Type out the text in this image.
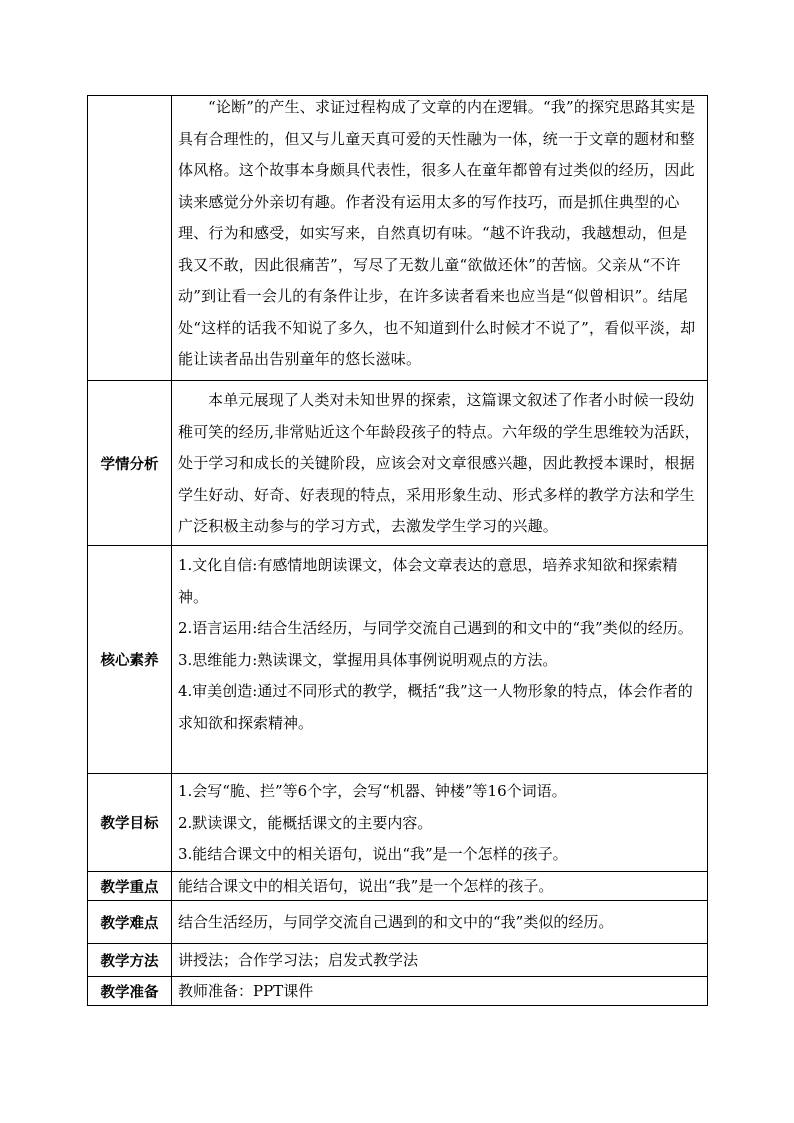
	“论断”的产生、求证过程构成了文章的内在逻辑。“我”的探究思路其实是具有合理性的，但又与儿童天真可爱的天性融为一体，统一于文章的题材和整体风格。这个故事本身颇具代表性，很多人在童年都曾有过类似的经历，因此读来感觉分外亲切有趣。作者没有运用太多的写作技巧，而是抓住典型的心理、行为和感受，如实写来，自然真切有味。“越不许我动，我越想动，但是我又不敢，因此很痛苦”，写尽了无数儿童“欲做还休”的苦恼。父亲从“不许动”到让看一会儿的有条件让步，在许多读者看来也应当是“似曾相识”。结尾处“这样的话我不知说了多久，也不知道到什么时候才不说了”，看似平淡，却能让读者品出告别童年的悠长滋味。

学情分析	本单元展现了人类对未知世界的探索，这篇课文叙述了作者小时候一段幼稚可笑的经历,非常贴近这个年龄段孩子的特点。六年级的学生思维较为活跃，处于学习和成长的关键阶段，应该会对文章很感兴趣，因此教授本课时，根据学生好动、好奇、好表现的特点，采用形象生动、形式多样的教学方法和学生广泛积极主动参与的学习方式，去激发学生学习的兴趣。

核心素养	1.文化自信:有感情地朗读课文，体会文章表达的意思，培养求知欲和探索精神。
2.语言运用:结合生活经历，与同学交流自己遇到的和文中的“我”类似的经历。
3.思维能力:熟读课文，掌握用具体事例说明观点的方法。
4.审美创造:通过不同形式的教学，概括“我”这一人物形象的特点，体会作者的求知欲和探索精神。

教学目标	1.会写“脆、拦”等6个字，会写“机器、钟楼”等16个词语。
2.默读课文，能概括课文的主要内容。
3.能结合课文中的相关语句，说出“我”是一个怎样的孩子。

教学重点	能结合课文中的相关语句，说出“我”是一个怎样的孩子。

教学难点	结合生活经历，与同学交流自己遇到的和文中的“我”类似的经历。

教学方法	讲授法；合作学习法；启发式教学法

教学准备	教师准备：PPT课件
